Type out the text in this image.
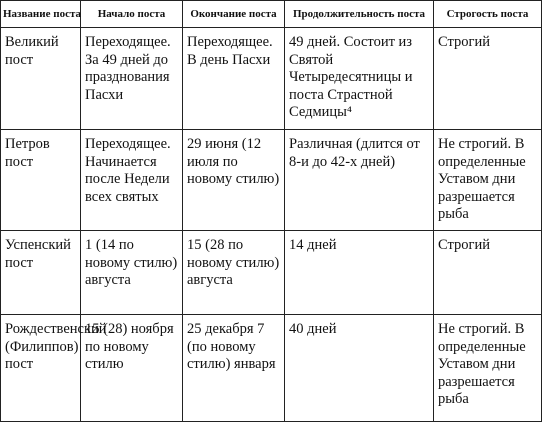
Название поста	Начало поста	Окончание поста	Продолжительность поста	Строгость поста

Великий пост	Переходящее. За 49 дней до празднования Пасхи	Переходящее. В день Пасхи	49 дней. Состоит из Святой Четыредесятницы и поста Страстной Седмицы⁴	Строгий

Петров пост	Переходящее. Начинается после Недели всех святых	29 июня (12 июля по новому стилю)	Различная (длится от 8-и до 42-х дней)	Не строгий. В определенные Уставом дни разрешается рыба

Успенский пост	1 (14 по новому стилю) августа	15 (28 по новому стилю) августа	14 дней	Строгий

Рождественский (Филиппов) пост	15 (28) ноября по новому стилю	25 декабря 7 (по новому стилю) января	40 дней	Не строгий. В определенные Уставом дни разрешается рыба
